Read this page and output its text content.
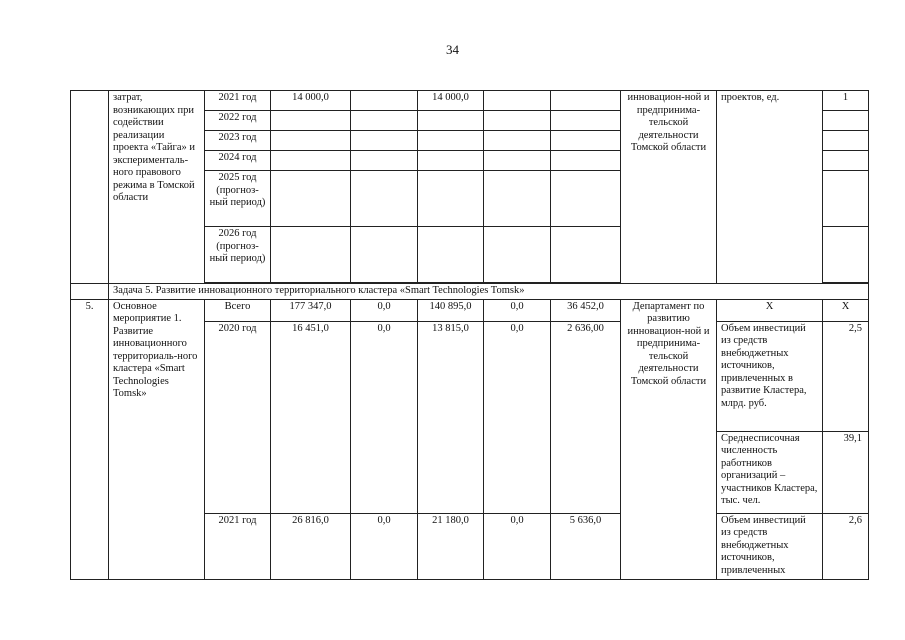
34
	затрат, возникающих при содействии реализации проекта «Тайга» и эксперименталь-ного правового режима в Томской области	2021 год	14 000,0		14 000,0			инновацион-ной и предпринима-тельской деятельности Томской области	проектов, ед.	1
		2022 год								
		2023 год								
		2024 год								
		2025 год (прогноз-ный период)								
		2026 год (прогноз-ный период)								

	Задача 5. Развитие инновационного территориального кластера «Smart Technologies Tomsk»									
5.	Основное мероприятие 1. Развитие инновационного территориаль-ного кластера «Smart Technologies Tomsk»	Всего	177 347,0	0,0	140 895,0	0,0	36 452,0	Департамент по развитию инновацион-ной и предпринима-тельской деятельности Томской области	Х	Х
		2020 год	16 451,0	0,0	13 815,0	0,0	2 636,00		Объем инвестиций из средств внебюджетных источников, привлеченных в развитие Кластера, млрд. руб.	2,5
									Среднесписочная численность работников организаций – участников Кластера, тыс. чел.	39,1
		2021 год	26 816,0	0,0	21 180,0	0,0	5 636,0		Объем инвестиций из средств внебюджетных источников, привлеченных	2,6
